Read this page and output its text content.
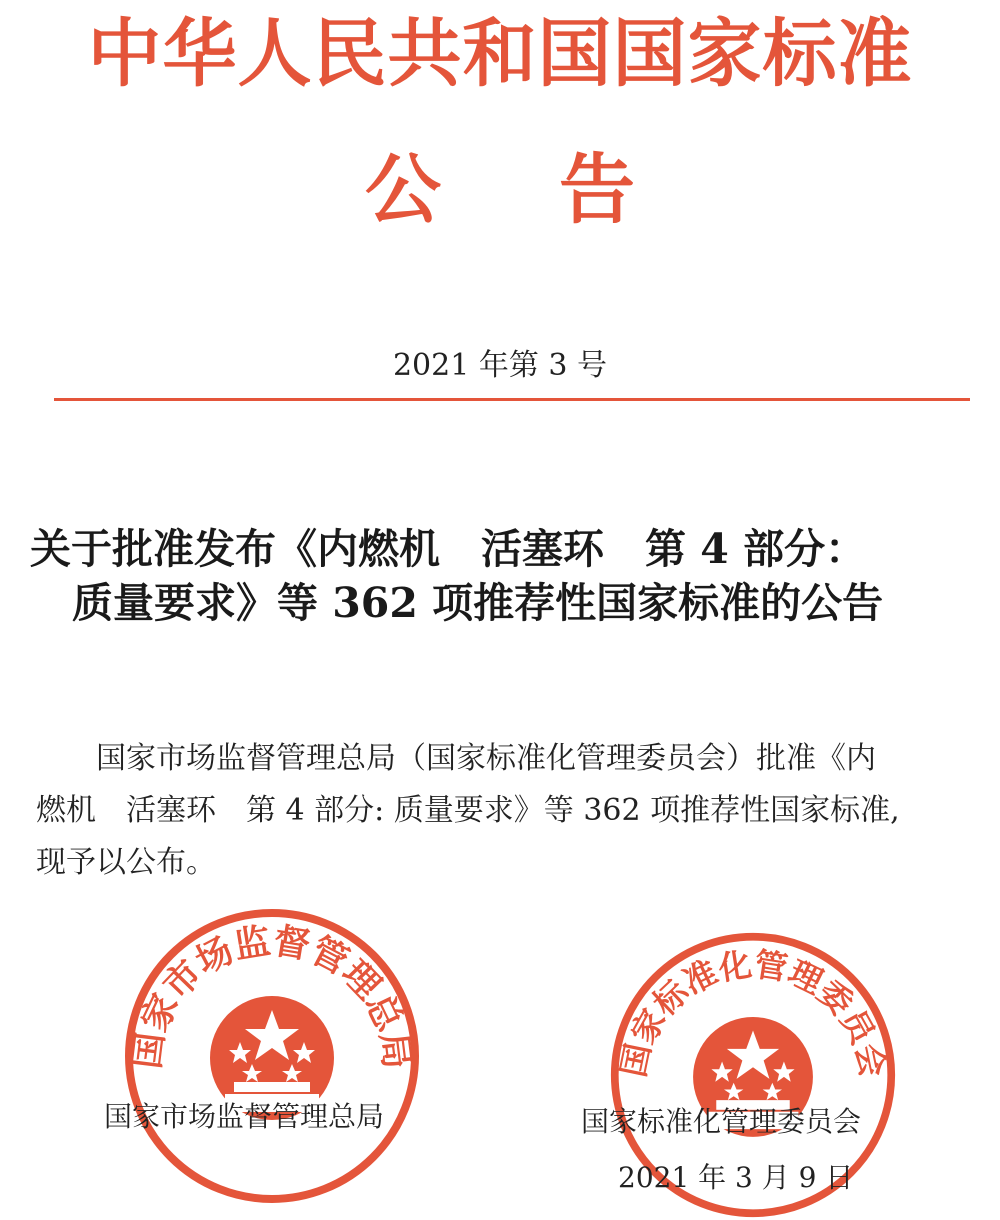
中华人民共和国国家标准
公 告
2021 年第 3 号
关于批准发布《内燃机　活塞环　第 4 部分：
质量要求》等 362 项推荐性国家标准的公告
国家市场监督管理总局（国家标准化管理委员会）批准《内
燃机　活塞环　第 4 部分: 质量要求》等 362 项推荐性国家标准,
现予以公布。
国家市场监督管理总局	国家标准化管理委员会
国家市场监督管理总局	国家标准化管理委员会
2021 年 3 月 9 日
